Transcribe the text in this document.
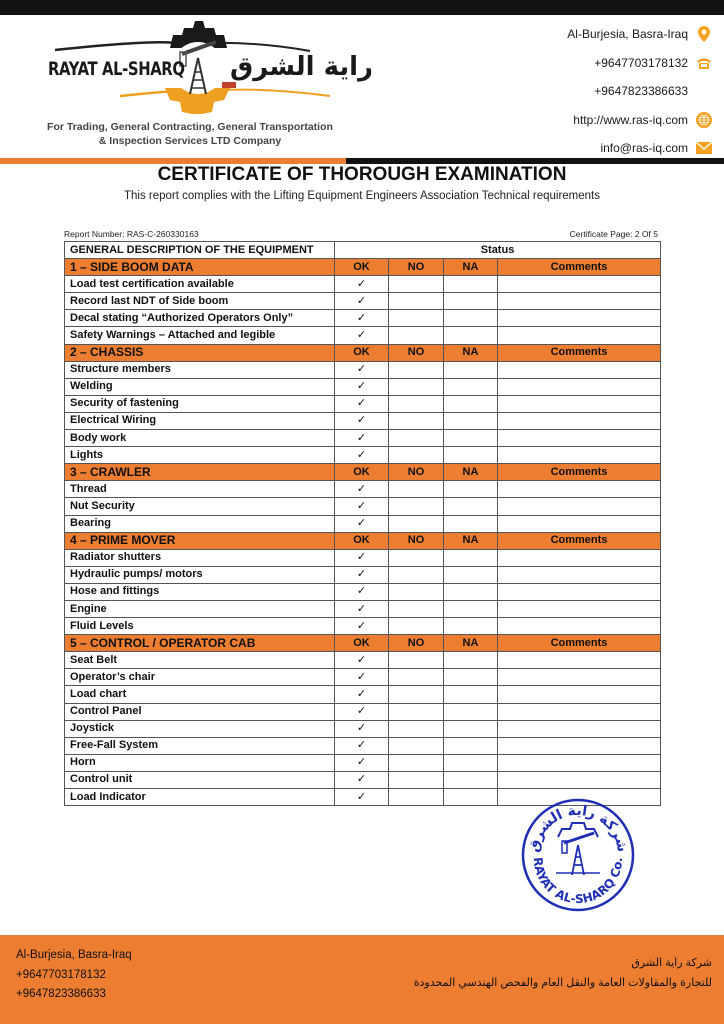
RAYAT AL-SHARQ راية الشرق
For Trading, General Contracting, General Transportation
& Inspection Services LTD Company
Al-Burjesia, Basra-Iraq
+9647703178132
+9647823386633
http://www.ras-iq.com
info@ras-iq.com
CERTIFICATE OF THOROUGH EXAMINATION
This report complies with the Lifting Equipment Engineers Association Technical requirements
Report Number: RAS-C-260330163	Certificate Page: 2 Of 5
GENERAL DESCRIPTION OF THE EQUIPMENT	Status			
1 – SIDE BOOM DATA	OK	NO	NA	Comments
Load test certification available	✓			
Record last NDT of Side boom	✓			
Decal stating “Authorized Operators Only”	✓			
Safety Warnings – Attached and legible	✓			
2 – CHASSIS	OK	NO	NA	Comments
Structure members	✓			
Welding	✓			
Security of fastening	✓			
Electrical Wiring	✓			
Body work	✓			
Lights	✓			
3 – CRAWLER	OK	NO	NA	Comments
Thread	✓			
Nut Security	✓			
Bearing	✓			
4 – PRIME MOVER	OK	NO	NA	Comments
Radiator shutters	✓			
Hydraulic pumps/ motors	✓			
Hose and fittings	✓			
Engine	✓			
Fluid Levels	✓			
5 – CONTROL / OPERATOR CAB	OK	NO	NA	Comments
Seat Belt	✓			
Operator’s chair	✓			
Load chart	✓			
Control Panel	✓			
Joystick	✓			
Free-Fall System	✓			
Horn	✓			
Control unit	✓			
Load Indicator	✓			
شركة راية الشرق
RAYAT AL-SHARQ Co.
Al-Burjesia, Basra-Iraq
+9647703178132
+9647823386633
شركة راية الشرق
للتجارة والمقاولات العامة والنقل العام والفحص الهندسي المحدودة
